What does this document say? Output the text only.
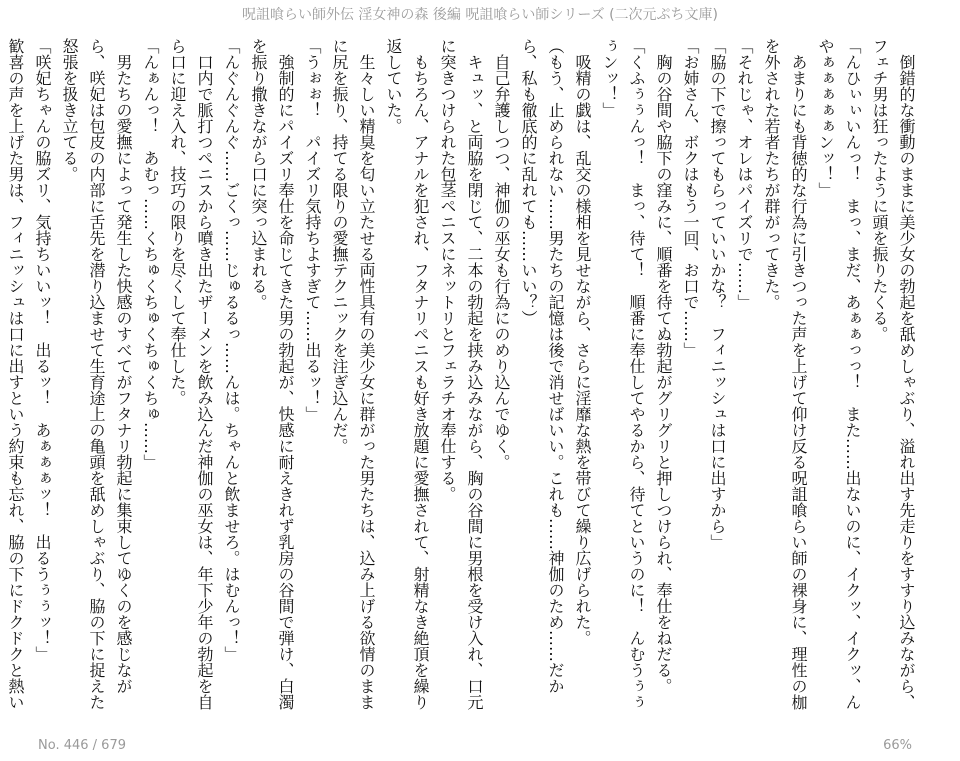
呪詛喰らい師外伝 淫女神の森 後編 呪詛喰らい師シリーズ (二次元ぷち文庫)

倒錯的な衝動のままに美少女の勃起を舐めしゃぶり、溢れ出す先走りをすすり込みながら、フェチ男は狂ったように頭を振りたくる。

「んひぃぃいんっ！　まっ、まだ、あぁぁっっ！　また……出ないのに、イクッ、イクッ、んやぁぁぁぁぁンッ！」

あまりにも背徳的な行為に引きつった声を上げて仰け反る呪詛喰らい師の裸身に、理性の枷を外された若者たちが群がってきた。

「それじゃ、オレはパイズリで……」

「脇の下で擦ってもらっていいかな？　フィニッシュは口に出すから」

「お姉さん、ボクはもう一回、お口で……」

胸の谷間や脇下の窪みに、順番を待てぬ勃起がグリグリと押しつけられ、奉仕をねだる。

「くふぅぅんっ！　まっ、待て！　順番に奉仕してやるから、待てというのに！　んむうぅぅぅンッ！」

吸精の戯は、乱交の様相を見せながら、さらに淫靡な熱を帯びて繰り広げられた。

（もう、止められない……男たちの記憶は後で消せばいい。これも……神伽のため……だから、私も徹底的に乱れても……いい？）

自己弁護しつつ、神伽の巫女も行為にのめり込んでゆく。

キュッ、と両脇を閉じて、二本の勃起を挟み込みながら、胸の谷間に男根を受け入れ、口元に突きつけられた包茎ペニスにネットリとフェラチオ奉仕する。

もちろん、アナルを犯され、フタナリペニスも好き放題に愛撫されて、射精なき絶頂を繰り返していた。

生々しい精臭を匂い立たせる両性具有の美少女に群がった男たちは、込み上げる欲情のままに尻を振り、持てる限りの愛撫テクニックを注ぎ込んだ。

「うぉぉ！　パイズリ気持ちよすぎて……出るッ！」

強制的にパイズリ奉仕を命じてきた男の勃起が、快感に耐えきれず乳房の谷間で弾け、白濁を振り撒きながら口に突っ込まれる。

「んぐんぐんぐ……ごくっ……じゅるるっ……んは。ちゃんと飲ませろ。はむんっ！」

口内で脈打つペニスから噴き出たザーメンを飲み込んだ神伽の巫女は、年下少年の勃起を自ら口に迎え入れ、技巧の限りを尽くして奉仕した。

「んぁんっ！　あむっ……くちゅくちゅくちゅくちゅ……」

男たちの愛撫によって発生した快感のすべてがフタナリ勃起に集束してゆくのを感じながら、咲妃は包皮の内部に舌先を潜り込ませて生育途上の亀頭を舐めしゃぶり、脇の下に捉えた怒張を扱き立てる。

「咲妃ちゃんの脇ズリ、気持ちいいッ！　出るッ！　あぁぁぁッ！　出るうぅぅッ！」

歓喜の声を上げた男は、フィニッシュは口に出すという約束も忘れ、脇の下にドクドクと熱い

No. 446 / 679	66%
